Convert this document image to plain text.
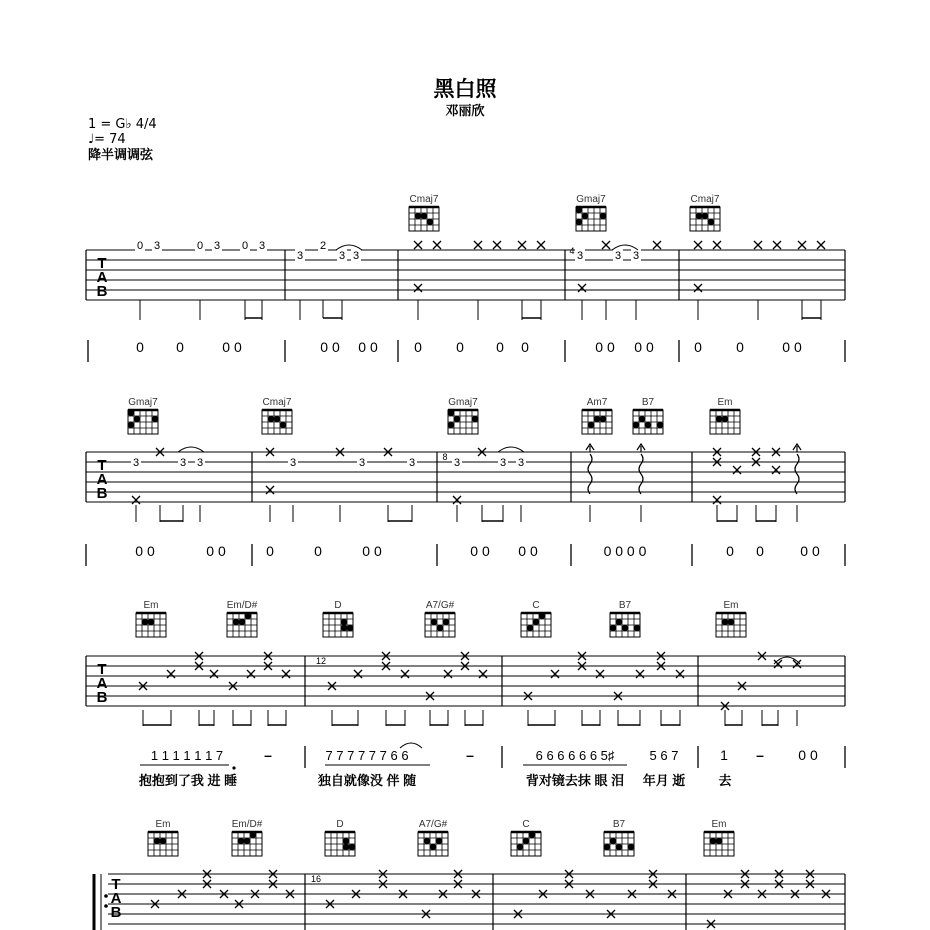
黑白照
邓丽欣
1 = G♭ 4/4
♩= 74
降半调调弦
T
A
B
Cmaj7	Gmaj7	Cmaj7
0 3	0 3 0 3
3
2
3 3	3	3 3
4
0 0	0 0	0 0 0 0	0 0 0 0	0 0 0 0	0 0	0 0
T
A
B
Gmaj7	Cmaj7	Gmaj7	Am7	B7	Em
3	3 3	3	3	3	3	3 3
8
0 0	0 0	0	0	0 0	0 0 0 0	0 0 0 0	0 0	0 0
T
A
B
Em	Em/D#	D	A7/G#	C	B7	Em
12
1 1 1 1 1 1 7	–	7 7 7 7 7 7 6 6	–	6 6 6 6 6 6 5♯	5 6 7	1 – 0 0
抱抱到了我 进 睡	独自就像没 伴 随	背对镜去抹 眼 泪 年月 逝	去
T
A
B
Em	Em/D#	D	A7/G#	C	B7	Em
16
